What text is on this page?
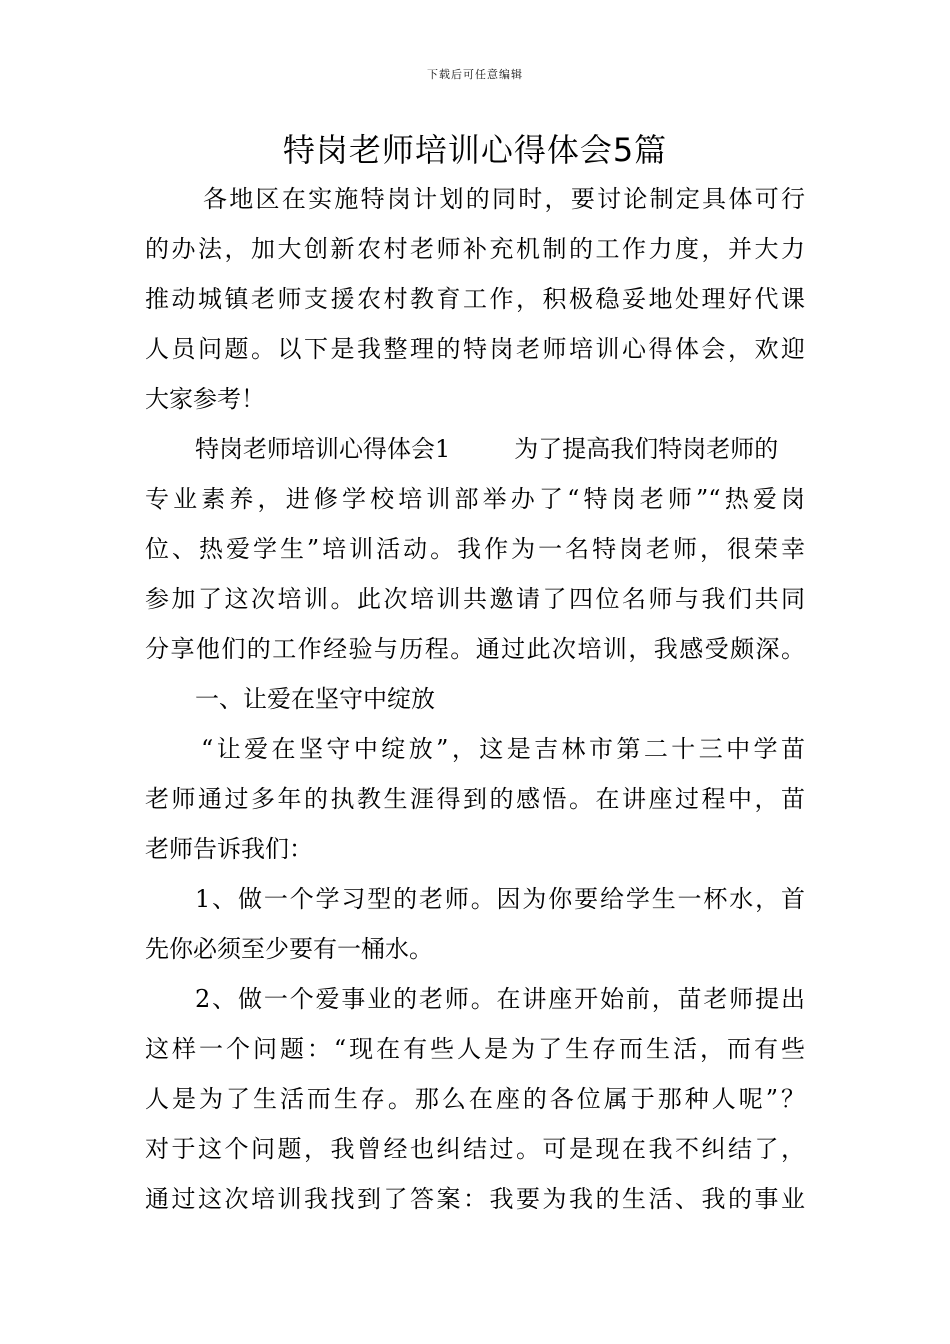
下载后可任意编辑
特岗老师培训心得体会5篇
各地区在实施特岗计划的同时，要讨论制定具体可行
的办法，加大创新农村老师补充机制的工作力度，并大力
推动城镇老师支援农村教育工作，积极稳妥地处理好代课
人员问题。以下是我整理的特岗老师培训心得体会，欢迎
大家参考！
特岗老师培训心得体会1	为了提高我们特岗老师的
专业素养，进修学校培训部举办了“特岗老师”“热爱岗
位、热爱学生”培训活动。我作为一名特岗老师，很荣幸
参加了这次培训。此次培训共邀请了四位名师与我们共同
分享他们的工作经验与历程。通过此次培训，我感受颇深。
一、让爱在坚守中绽放
“让爱在坚守中绽放”，这是吉林市第二十三中学苗
老师通过多年的执教生涯得到的感悟。在讲座过程中，苗
老师告诉我们：
1、做一个学习型的老师。因为你要给学生一杯水，首
先你必须至少要有一桶水。
2、做一个爱事业的老师。在讲座开始前，苗老师提出
这样一个问题：“现在有些人是为了生存而生活，而有些
人是为了生活而生存。那么在座的各位属于那种人呢”？
对于这个问题，我曾经也纠结过。可是现在我不纠结了，
通过这次培训我找到了答案：我要为我的生活、我的事业
